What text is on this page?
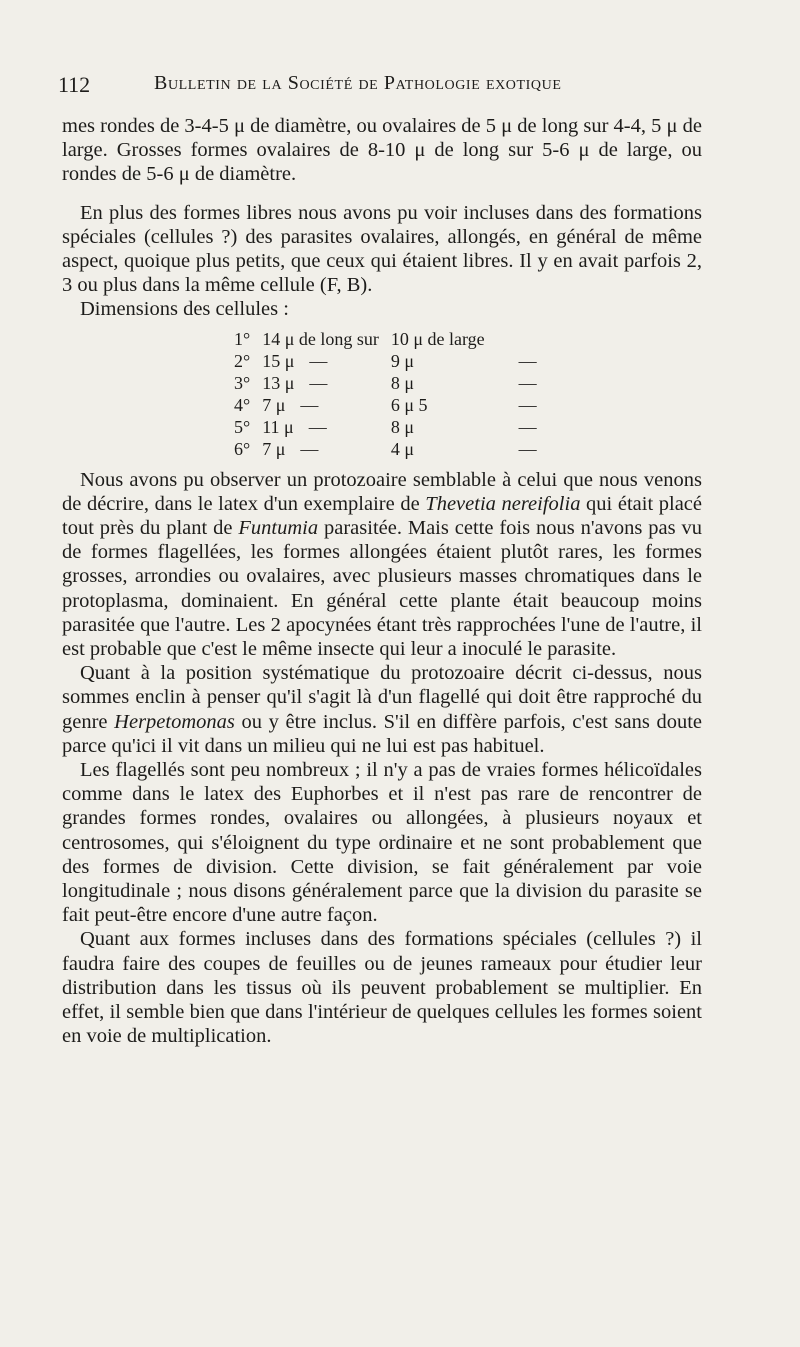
112	Bulletin de la Société de Pathologie exotique

mes rondes de 3-4-5 μ de diamètre, ou ovalaires de 5 μ de long sur 4-4, 5 μ de large. Grosses formes ovalaires de 8-10 μ de long sur 5-6 μ de large, ou rondes de 5-6 μ de diamètre.

En plus des formes libres nous avons pu voir incluses dans des formations spéciales (cellules ?) des parasites ovalaires, allongés, en général de même aspect, quoique plus petits, que ceux qui étaient libres. Il y en avait parfois 2, 3 ou plus dans la même cellule (F, B).

Dimensions des cellules :

1°	14 μ de long sur	10 μ de large	
2°	15 μ —	9 μ	—
3°	13 μ —	8 μ	—
4°	7 μ —	6 μ 5	—
5°	11 μ —	8 μ	—
6°	7 μ —	4 μ	—

Nous avons pu observer un protozoaire semblable à celui que nous venons de décrire, dans le latex d'un exemplaire de Thevetia nereifolia qui était placé tout près du plant de Funtumia parasitée. Mais cette fois nous n'avons pas vu de formes flagellées, les formes allongées étaient plutôt rares, les formes grosses, arrondies ou ovalaires, avec plusieurs masses chromatiques dans le protoplasma, dominaient. En général cette plante était beaucoup moins parasitée que l'autre. Les 2 apocynées étant très rapprochées l'une de l'autre, il est probable que c'est le même insecte qui leur a inoculé le parasite.

Quant à la position systématique du protozoaire décrit ci-dessus, nous sommes enclin à penser qu'il s'agit là d'un flagellé qui doit être rapproché du genre Herpetomonas ou y être inclus. S'il en diffère parfois, c'est sans doute parce qu'ici il vit dans un milieu qui ne lui est pas habituel.

Les flagellés sont peu nombreux ; il n'y a pas de vraies formes hélicoïdales comme dans le latex des Euphorbes et il n'est pas rare de rencontrer de grandes formes rondes, ovalaires ou allongées, à plusieurs noyaux et centrosomes, qui s'éloignent du type ordinaire et ne sont probablement que des formes de division. Cette division, se fait généralement par voie longitudinale ; nous disons généralement parce que la division du parasite se fait peut-être encore d'une autre façon.

Quant aux formes incluses dans des formations spéciales (cellules ?) il faudra faire des coupes de feuilles ou de jeunes rameaux pour étudier leur distribution dans les tissus où ils peuvent probablement se multiplier. En effet, il semble bien que dans l'intérieur de quelques cellules les formes soient en voie de multiplication.
